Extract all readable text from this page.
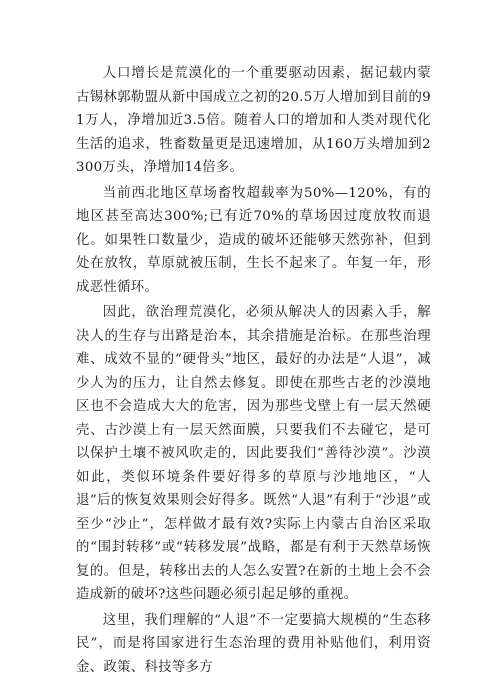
人口增长是荒漠化的一个重要驱动因素，据记载内蒙古锡林郭勒盟从新中国成立之初的20.5万人增加到目前的91万人，净增加近3.5倍。随着人口的增加和人类对现代化生活的追求，牲畜数量更是迅速增加，从160万头增加到2300万头，净增加14倍多。

当前西北地区草场畜牧超载率为50%—120%，有的地区甚至高达300%;已有近70%的草场因过度放牧而退化。如果牲口数量少，造成的破坏还能够天然弥补，但到处在放牧，草原就被压制，生长不起来了。年复一年，形成恶性循环。

因此，欲治理荒漠化，必须从解决人的因素入手，解决人的生存与出路是治本，其余措施是治标。在那些治理难、成效不显的“硬骨头”地区，最好的办法是“人退”，减少人为的压力，让自然去修复。即使在那些古老的沙漠地区也不会造成大大的危害，因为那些戈壁上有一层天然硬壳、古沙漠上有一层天然面膜，只要我们不去碰它，是可以保护土壤不被风吹走的，因此要我们“善待沙漠”。沙漠如此，类似环境条件要好得多的草原与沙地地区，“人退”后的恢复效果则会好得多。既然“人退”有利于“沙退”或至少“沙止”，怎样做才最有效?实际上内蒙古自治区采取的“围封转移”或“转移发展”战略，都是有利于天然草场恢复的。但是，转移出去的人怎么安置?在新的土地上会不会造成新的破坏?这些问题必须引起足够的重视。

这里，我们理解的“人退”不一定要搞大规模的“生态移民”，而是将国家进行生态治理的费用补贴他们，利用资金、政策、科技等多方
